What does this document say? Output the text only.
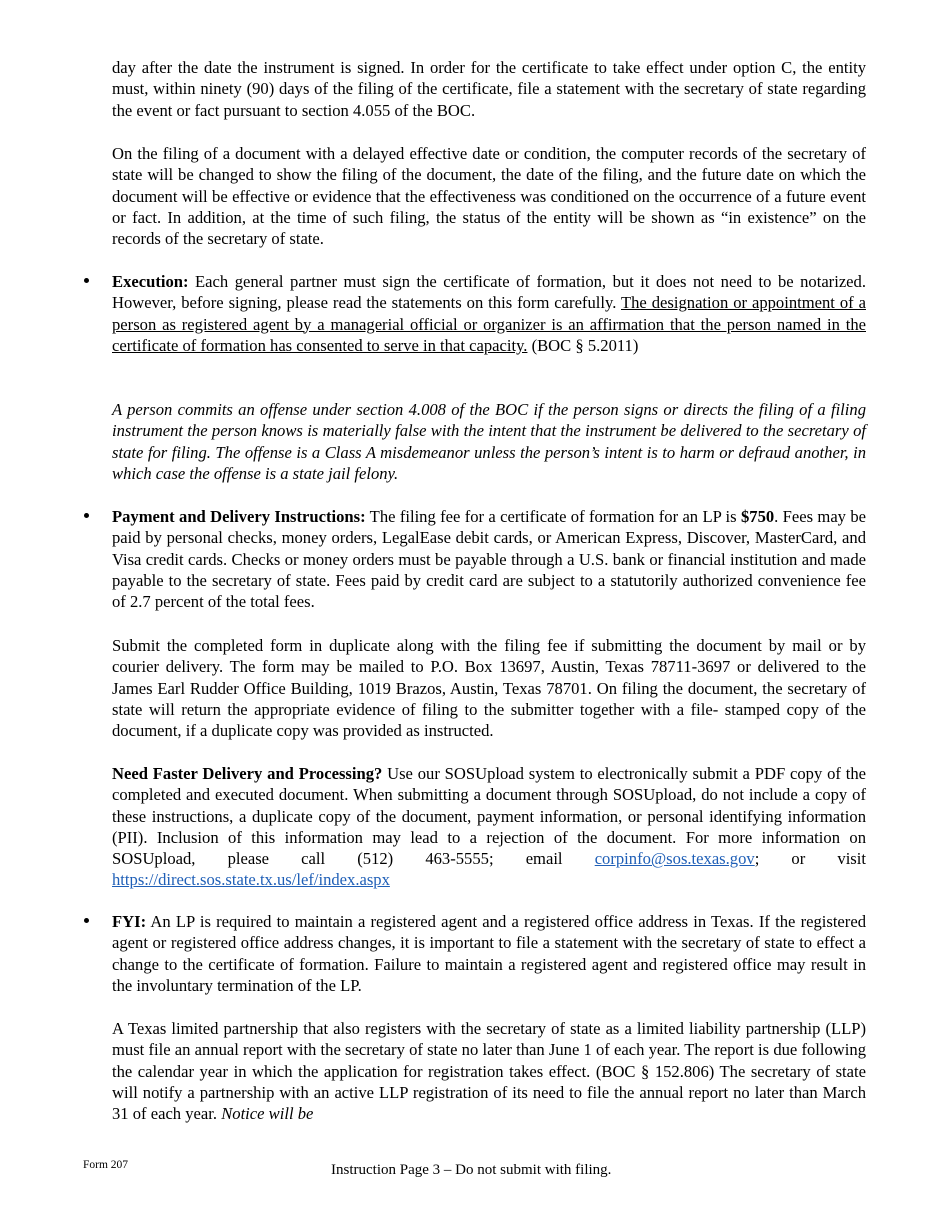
day after the date the instrument is signed. In order for the certificate to take effect under option C, the entity must, within ninety (90) days of the filing of the certificate, file a statement with the secretary of state regarding the event or fact pursuant to section 4.055 of the BOC.

On the filing of a document with a delayed effective date or condition, the computer records of the secretary of state will be changed to show the filing of the document, the date of the filing, and the future date on which the document will be effective or evidence that the effectiveness was conditioned on the occurrence of a future event or fact. In addition, at the time of such filing, the status of the entity will be shown as “in existence” on the records of the secretary of state.

Execution: Each general partner must sign the certificate of formation, but it does not need to be notarized. However, before signing, please read the statements on this form carefully. The designation or appointment of a person as registered agent by a managerial official or organizer is an affirmation that the person named in the certificate of formation has consented to serve in that capacity. (BOC § 5.2011)

A person commits an offense under section 4.008 of the BOC if the person signs or directs the filing of a filing instrument the person knows is materially false with the intent that the instrument be delivered to the secretary of state for filing. The offense is a Class A misdemeanor unless the person’s intent is to harm or defraud another, in which case the offense is a state jail felony.

Payment and Delivery Instructions: The filing fee for a certificate of formation for an LP is $750. Fees may be paid by personal checks, money orders, LegalEase debit cards, or American Express, Discover, MasterCard, and Visa credit cards. Checks or money orders must be payable through a U.S. bank or financial institution and made payable to the secretary of state. Fees paid by credit card are subject to a statutorily authorized convenience fee of 2.7 percent of the total fees.

Submit the completed form in duplicate along with the filing fee if submitting the document by mail or by courier delivery. The form may be mailed to P.O. Box 13697, Austin, Texas 78711-3697 or delivered to the James Earl Rudder Office Building, 1019 Brazos, Austin, Texas 78701. On filing the document, the secretary of state will return the appropriate evidence of filing to the submitter together with a file- stamped copy of the document, if a duplicate copy was provided as instructed.

Need Faster Delivery and Processing? Use our SOSUpload system to electronically submit a PDF copy of the completed and executed document. When submitting a document through SOSUpload, do not include a copy of these instructions, a duplicate copy of the document, payment information, or personal identifying information (PII). Inclusion of this information may lead to a rejection of the document. For more information on SOSUpload, please call (512) 463-5555; email corpinfo@sos.texas.gov; or visit https://direct.sos.state.tx.us/lef/index.aspx

FYI: An LP is required to maintain a registered agent and a registered office address in Texas. If the registered agent or registered office address changes, it is important to file a statement with the secretary of state to effect a change to the certificate of formation. Failure to maintain a registered agent and registered office may result in the involuntary termination of the LP.

A Texas limited partnership that also registers with the secretary of state as a limited liability partnership (LLP) must file an annual report with the secretary of state no later than June 1 of each year. The report is due following the calendar year in which the application for registration takes effect. (BOC § 152.806) The secretary of state will notify a partnership with an active LLP registration of its need to file the annual report no later than March 31 of each year. Notice will be

Form 207	Instruction Page 3 – Do not submit with filing.
